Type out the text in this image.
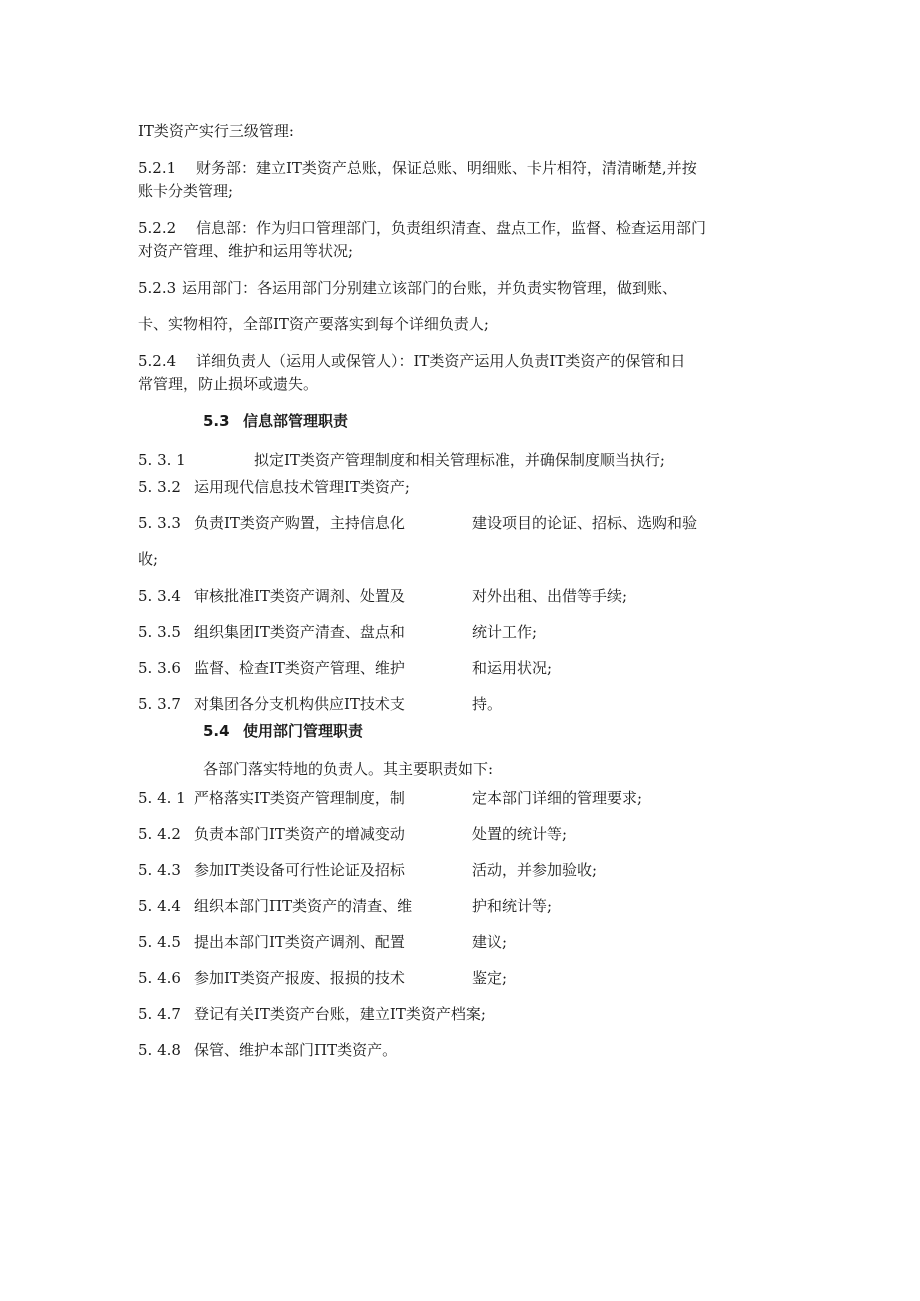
IT类资产实行三级管理:
5.2.1 财务部：建立IT类资产总账，保证总账、明细账、卡片相符，清清晰楚,并按
账卡分类管理;
5.2.2 信息部：作为归口管理部门，负责组织清查、盘点工作，监督、检查运用部门
对资产管理、维护和运用等状况;
5.2.3 运用部门：各运用部门分别建立该部门的台账，并负责实物管理，做到账、
卡、实物相符，全部IT资产要落实到每个详细负责人;
5.2.4 详细负责人（运用人或保管人）：IT类资产运用人负责IT类资产的保管和日
常管理，防止损坏或遗失。
5.3 信息部管理职责
5. 3. 1	拟定IT类资产管理制度和相关管理标准，并确保制度顺当执行;
5. 3.2 运用现代信息技术管理IT类资产;
5. 3.3 负责IT类资产购置，主持信息化	建设项目的论证、招标、选购和验
收;
5. 3.4 审核批准IT类资产调剂、处置及	对外出租、出借等手续;
5. 3.5 组织集团IT类资产清查、盘点和	统计工作;
5. 3.6 监督、检查IT类资产管理、维护	和运用状况;
5. 3.7 对集团各分支机构供应IT技术支	持。
5.4 使用部门管理职责
各部门落实特地的负责人。其主要职责如下:
5. 4. 1 严格落实IT类资产管理制度，制	定本部门详细的管理要求;
5. 4.2 负责本部门IT类资产的增减变动	处置的统计等;
5. 4.3 参加IT类设备可行性论证及招标	活动，并参加验收;
5. 4.4 组织本部门ΠT类资产的清查、维	护和统计等;
5. 4.5 提出本部门IT类资产调剂、配置	建议;
5. 4.6 参加IT类资产报废、报损的技术	鉴定;
5. 4.7 登记有关IT类资产台账，建立IT类资产档案;
5. 4.8 保管、维护本部门ΠT类资产。
